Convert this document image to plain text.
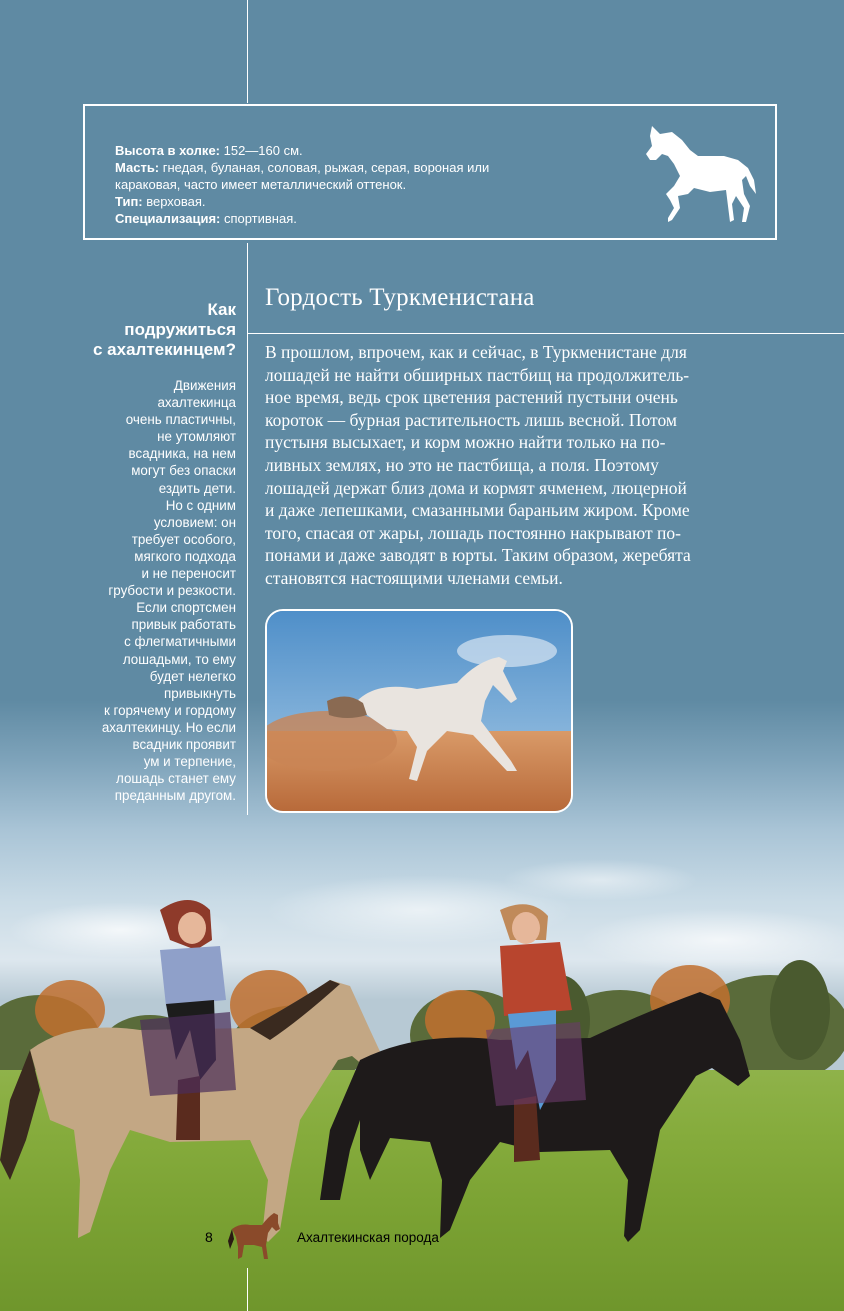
Высота в холке: 152—160 см.
Масть: гнедая, буланая, соловая, рыжая, серая, вороная или
караковая, часто имеет металлический оттенок.
Тип: верховая.
Специализация: спортивная.
Гордость Туркменистана
В прошлом, впрочем, как и сейчас, в Туркменистане для
лошадей не найти обширных пастбищ на продолжитель-
ное время, ведь срок цветения растений пустыни очень
короток — бурная растительность лишь весной. Потом
пустыня высыхает, и корм можно найти только на по-
ливных землях, но это не пастбища, а поля. Поэтому
лошадей держат близ дома и кормят ячменем, люцерной
и даже лепешками, смазанными бараньим жиром. Кроме
того, спасая от жары, лошадь постоянно накрывают по-
понами и даже заводят в юрты. Таким образом, жеребята
становятся настоящими членами семьи.
Как
подружиться
с ахалтекинцем?
Движения
ахалтекинца
очень пластичны,
не утомляют
всадника, на нем
могут без опаски
ездить дети.
Но с одним
условием: он
требует особого,
мягкого подхода
и не переносит
грубости и резкости.
Если спортсмен
привык работать
с флегматичными
лошадьми, то ему
будет нелегко
привыкнуть
к горячему и гордому
ахалтекинцу. Но если
всадник проявит
ум и терпение,
лошадь станет ему
преданным другом.
8	Ахалтекинская порода
